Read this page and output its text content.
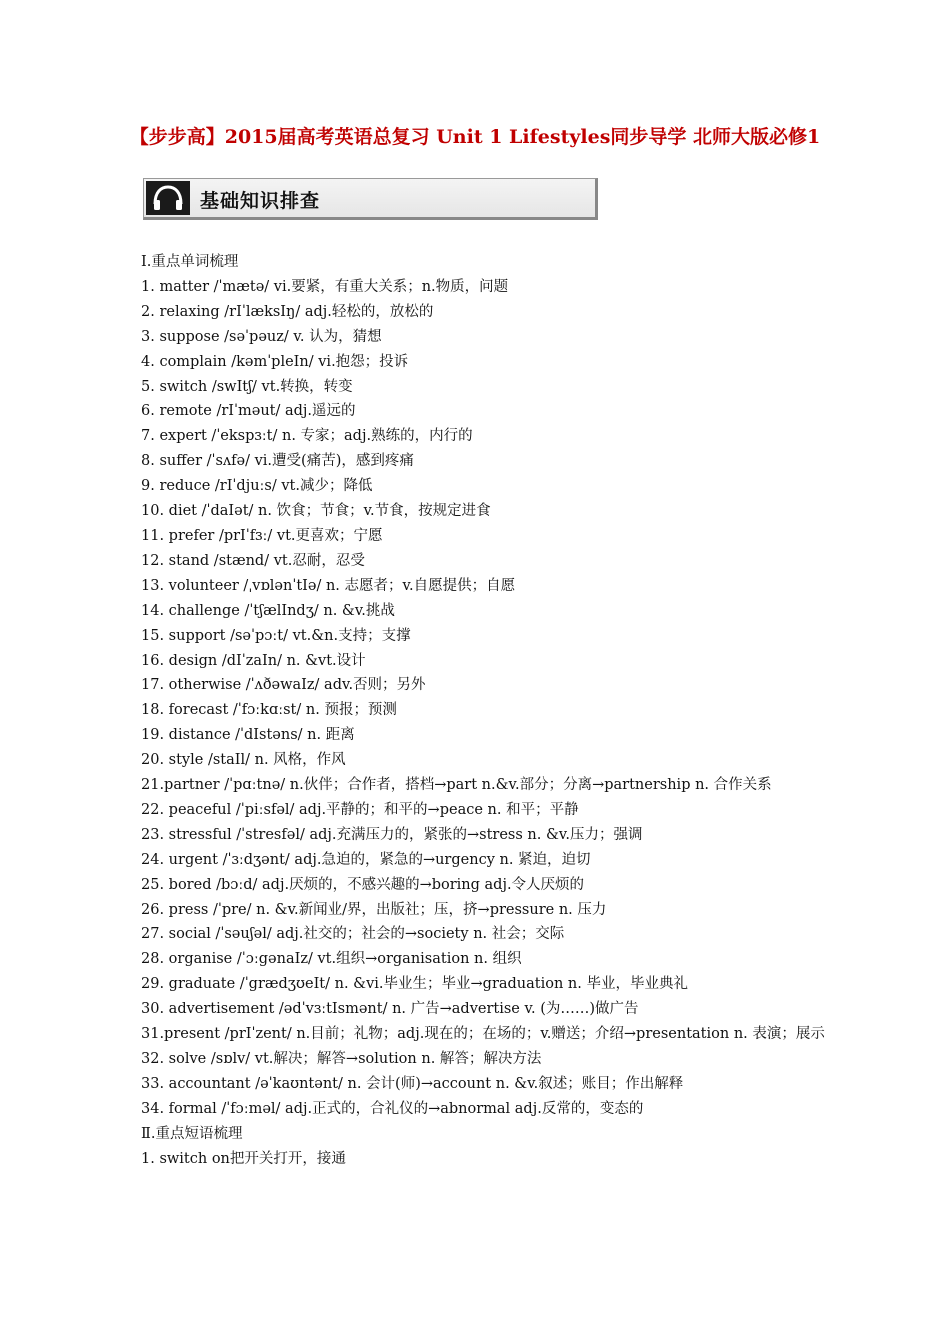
【步步高】2015届高考英语总复习 Unit 1 Lifestyles同步导学 北师大版必修1
基础知识排查
Ⅰ.重点单词梳理
1. matter /ˈmætə/ vi.要紧，有重大关系；n.物质，问题
2. relaxing /rIˈlæksIŋ/ adj.轻松的，放松的
3. suppose /səˈpəuz/ v. 认为，猜想
4. complain /kəmˈpleIn/ vi.抱怨；投诉
5. switch /swItʃ/ vt.转换，转变
6. remote /rIˈməut/ adj.遥远的
7. expert /ˈekspɜːt/ n. 专家；adj.熟练的，内行的
8. suffer /ˈsʌfə/ vi.遭受(痛苦)，感到疼痛
9. reduce /rIˈdjuːs/ vt.减少；降低
10. diet /ˈdaIət/ n. 饮食；节食；v.节食，按规定进食
11. prefer /prIˈfɜː/ vt.更喜欢；宁愿
12. stand /stænd/ vt.忍耐，忍受
13. volunteer /ˌvɒlənˈtIə/ n. 志愿者；v.自愿提供；自愿
14. challenge /ˈtʃælIndʒ/ n. &v.挑战
15. support /səˈpɔːt/ vt.&n.支持；支撑
16. design /dIˈzaIn/ n. &vt.设计
17. otherwise /ˈʌðəwaIz/ adv.否则；另外
18. forecast /ˈfɔːkɑːst/ n. 预报；预测
19. distance /ˈdIstəns/ n. 距离
20. style /staIl/ n. 风格，作风
21.partner /ˈpɑːtnə/ n.伙伴；合作者，搭档→part n.&v.部分；分离→partnership n. 合作关系
22. peaceful /ˈpiːsfəl/ adj.平静的；和平的→peace n. 和平；平静
23. stressful /ˈstresfəl/ adj.充满压力的，紧张的→stress n. &v.压力；强调
24. urgent /ˈɜːdʒənt/ adj.急迫的，紧急的→urgency n. 紧迫，迫切
25. bored /bɔːd/ adj.厌烦的，不感兴趣的→boring adj.令人厌烦的
26. press /ˈpre/ n. &v.新闻业/界，出版社；压，挤→pressure n. 压力
27. social /ˈsəuʃəl/ adj.社交的；社会的→society n. 社会；交际
28. organise /ˈɔːgənaIz/ vt.组织→organisation n. 组织
29. graduate /ˈgrædʒʊeIt/ n. &vi.毕业生；毕业→graduation n. 毕业，毕业典礼
30. advertisement /ədˈvɜːtIsmənt/ n. 广告→advertise v. (为……)做广告
31.present /prIˈzent/ n.目前；礼物；adj.现在的；在场的；v.赠送；介绍→presentation n. 表演；展示
32. solve /sɒlv/ vt.解决；解答→solution n. 解答；解决方法
33. accountant /əˈkaʊntənt/ n. 会计(师)→account n. &v.叙述；账目；作出解释
34. formal /ˈfɔːməl/ adj.正式的，合礼仪的→abnormal adj.反常的，变态的
Ⅱ.重点短语梳理
1. switch on把开关打开，接通
